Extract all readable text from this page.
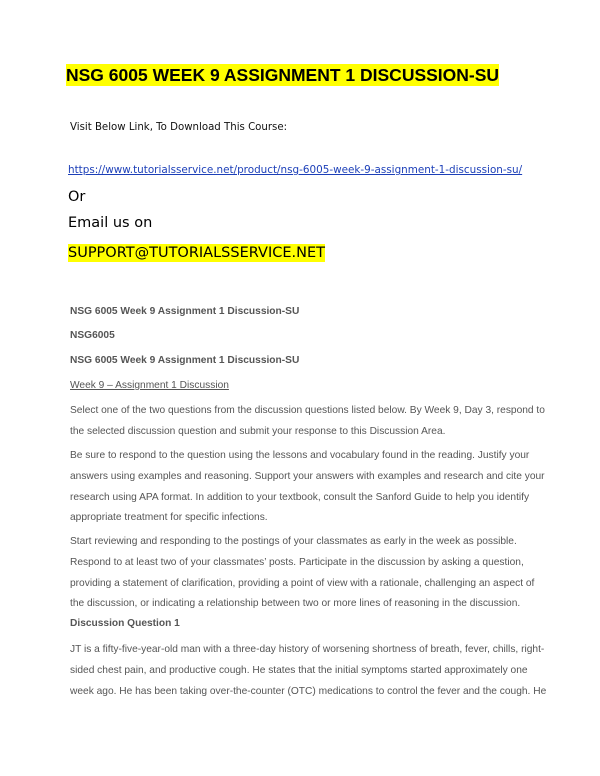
NSG 6005 WEEK 9 ASSIGNMENT 1 DISCUSSION-SU
Visit Below Link, To Download This Course:
https://www.tutorialsservice.net/product/nsg-6005-week-9-assignment-1-discussion-su/
Or
Email us on
SUPPORT@TUTORIALSSERVICE.NET
NSG 6005 Week 9 Assignment 1 Discussion-SU
NSG6005
NSG 6005 Week 9 Assignment 1 Discussion-SU
Week 9 – Assignment 1 Discussion
Select one of the two questions from the discussion questions listed below. By Week 9, Day 3, respond to
the selected discussion question and submit your response to this Discussion Area.
Be sure to respond to the question using the lessons and vocabulary found in the reading. Justify your
answers using examples and reasoning. Support your answers with examples and research and cite your
research using APA format. In addition to your textbook, consult the Sanford Guide to help you identify
appropriate treatment for specific infections.
Start reviewing and responding to the postings of your classmates as early in the week as possible.
Respond to at least two of your classmates’ posts. Participate in the discussion by asking a question,
providing a statement of clarification, providing a point of view with a rationale, challenging an aspect of
the discussion, or indicating a relationship between two or more lines of reasoning in the discussion.
Discussion Question 1
JT is a fifty-five-year-old man with a three-day history of worsening shortness of breath, fever, chills, right-
sided chest pain, and productive cough. He states that the initial symptoms started approximately one
week ago. He has been taking over-the-counter (OTC) medications to control the fever and the cough. He
